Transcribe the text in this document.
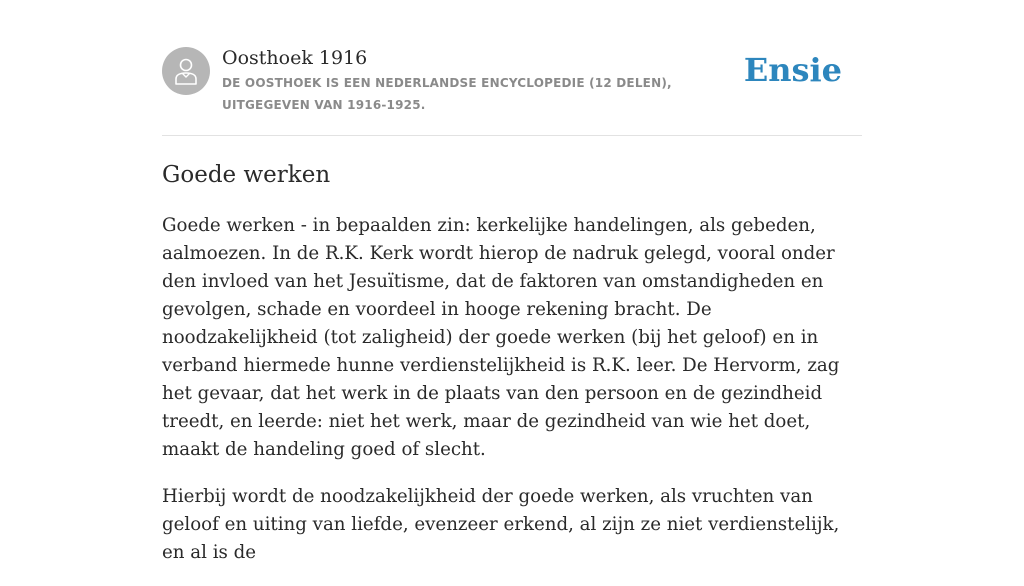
Oosthoek 1916
DE OOSTHOEK IS EEN NEDERLANDSE ENCYCLOPEDIE (12 DELEN), UITGEGEVEN VAN 1916-1925.
Ensie
Goede werken

Goede werken - in bepaalden zin: kerkelijke handelingen, als gebeden, aalmoezen. In de R.K. Kerk wordt hierop de nadruk gelegd, vooral onder den invloed van het Jesuïtisme, dat de faktoren van omstandigheden en gevolgen, schade en voordeel in hooge rekening bracht. De noodzakelijkheid (tot zaligheid) der goede werken (bij het geloof) en in verband hiermede hunne verdienstelijkheid is R.K. leer. De Hervorm, zag het gevaar, dat het werk in de plaats van den persoon en de gezindheid treedt, en leerde: niet het werk, maar de gezindheid van wie het doet, maakt de handeling goed of slecht.

Hierbij wordt de noodzakelijkheid der goede werken, als vruchten van geloof en uiting van liefde, evenzeer erkend, al zijn ze niet verdienstelijk, en al is de
